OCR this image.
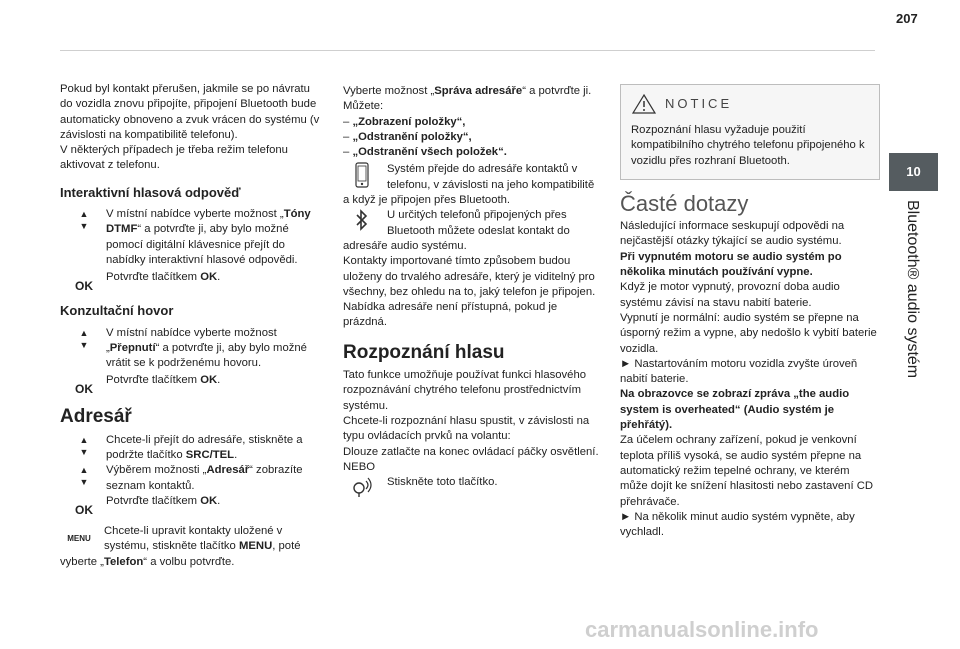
207
10
Bluetooth® audio systém

Pokud byl kontakt přerušen, jakmile se po návratu do vozidla znovu připojíte, připojení Bluetooth bude automaticky obnoveno a zvuk vrácen do systému (v závislosti na kompatibilitě telefonu).

V některých případech je třeba režim telefonu aktivovat z telefonu.

Interaktivní hlasová odpověď
▲
▼
V místní nabídce vyberte možnost „Tóny DTMF“ a potvrďte ji, aby bylo možné pomocí digitální klávesnice přejít do nabídky interaktivní hlasové odpovědi.
OK
Potvrďte tlačítkem OK.
Konzultační hovor
▲
▼
V místní nabídce vyberte možnost „Přepnutí“ a potvrďte ji, aby bylo možné vrátit se k podrženému hovoru.
OK
Potvrďte tlačítkem OK.
Adresář
▲
▼
Chcete-li přejít do adresáře, stiskněte a podržte tlačítko SRC/TEL.
▲
▼
Výběrem možnosti „Adresář“ zobrazíte seznam kontaktů.
OK
Potvrďte tlačítkem OK.
MENU
Chcete-li upravit kontakty uložené v systému, stiskněte tlačítko MENU, poté vyberte „Telefon“ a volbu potvrďte.

Vyberte možnost „Správa adresáře“ a potvrďte ji.

Můžete:

– „Zobrazení položky“,

– „Odstranění položky“,

– „Odstranění všech položek“.

Systém přejde do adresáře kontaktů v telefonu, v závislosti na jeho kompatibilitě a když je připojen přes Bluetooth.
U určitých telefonů připojených přes Bluetooth můžete odeslat kontakt do adresáře audio systému.

Kontakty importované tímto způsobem budou uloženy do trvalého adresáře, který je viditelný pro všechny, bez ohledu na to, jaký telefon je připojen.

Nabídka adresáře není přístupná, pokud je prázdná.

Rozpoznání hlasu

Tato funkce umožňuje používat funkci hlasového rozpoznávání chytrého telefonu prostřednictvím systému.

Chcete-li rozpoznání hlasu spustit, v závislosti na typu ovládacích prvků na volantu:

Dlouze zatlačte na konec ovládací páčky osvětlení.

NEBO

Stiskněte toto tlačítko.
NOTICE

Rozpoznání hlasu vyžaduje použití kompatibilního chytrého telefonu připojeného k vozidlu přes rozhraní Bluetooth.

Časté dotazy

Následující informace seskupují odpovědi na nejčastější otázky týkající se audio systému.

Při vypnutém motoru se audio systém po několika minutách používání vypne.

Když je motor vypnutý, provozní doba audio systému závisí na stavu nabití baterie.

Vypnutí je normální: audio systém se přepne na úsporný režim a vypne, aby nedošlo k vybití baterie vozidla.

► Nastartováním motoru vozidla zvyšte úroveň nabití baterie.

Na obrazovce se zobrazí zpráva „the audio system is overheated“ (Audio systém je přehřátý).

Za účelem ochrany zařízení, pokud je venkovní teplota příliš vysoká, se audio systém přepne na automatický režim tepelné ochrany, ve kterém může dojít ke snížení hlasitosti nebo zastavení CD přehrávače.

► Na několik minut audio systém vypněte, aby vychladl.

carmanualsonline.info
